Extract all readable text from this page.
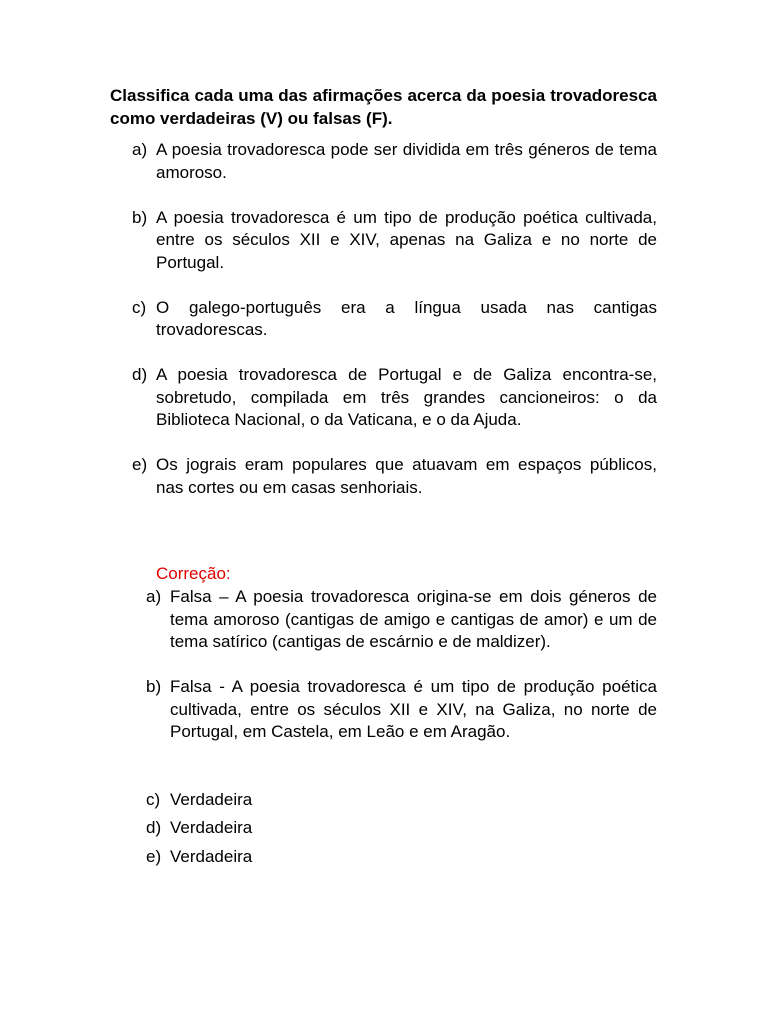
Classifica cada uma das afirmações acerca da poesia trovadoresca como verdadeiras (V) ou falsas (F).
a) A poesia trovadoresca pode ser dividida em três géneros de tema amoroso.
b) A poesia trovadoresca é um tipo de produção poética cultivada, entre os séculos XII e XIV, apenas na Galiza e no norte de Portugal.
c) O galego-português era a língua usada nas cantigas trovadorescas.
d) A poesia trovadoresca de Portugal e de Galiza encontra-se, sobretudo, compilada em três grandes cancioneiros: o da Biblioteca Nacional, o da Vaticana, e o da Ajuda.
e) Os jograis eram populares que atuavam em espaços públicos, nas cortes ou em casas senhoriais.
Correção:
a) Falsa – A poesia trovadoresca origina-se em dois géneros de tema amoroso (cantigas de amigo e cantigas de amor) e um de tema satírico (cantigas de escárnio e de maldizer).
b) Falsa - A poesia trovadoresca é um tipo de produção poética cultivada, entre os séculos XII e XIV, na Galiza, no norte de Portugal, em Castela, em Leão e em Aragão.
c) Verdadeira
d) Verdadeira
e) Verdadeira
